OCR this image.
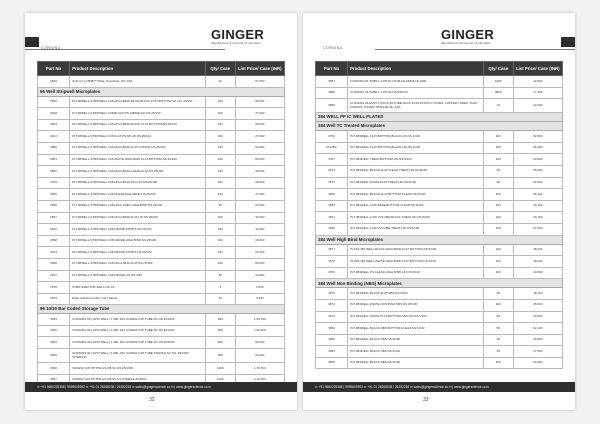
CORNING
GINGER
Manufacturer & Importer of Lab Ware
Part No	Product Description	Qty/ Case	List Price/ Case (INR)
3540	Sulfonyl w/ BNB™ Plate, Nonsterile, Pkt 1/10	10	57,000
96 Well Stripwell Microplates			
2592	PLT,96WELL,STRIPWELL,1X8,HIGH BIND,FB,NS,BLACK,FLAT-BOTTOM,W/ LID, 25/100	100	55,000
9018	PLT,96WELL,STRIPWELL,1X8,BLACK,PS,H/BIND,LID,NS,25/100	100	27,000
2593	PLT,96WELL,STRIPWELL,1X8,HIGH BIND,BLACK,FLAT-BOTTOM,NS,25/100	100	55,000
9014	PLT,96WELL,STRIPWELL,1X8,FLAT,PS,NT,LID,NS,25/100	100	27,000
2580	PLT,96WELL,STRIPWELL,1X8,HIGH BIND,FLAT,COSTAR,NS,25/100	100	53,000
2581	PLT,96WELL,STRIPWELL,1X8,WHITE,HIGH BIND,FLAT-BOTTOM,NS,25/100	100	55,000
2592	PLT,96WELL,STRIPWELL,1X8,HIGH BIND,CLEAR,FLAT,NS,25/100	100	28,000
9379	PLT,96WELL,STRIPWELL,1X8,HIGH BIND,PS,FLAT,NS,25/100	200	28,000
2595	PLT,96WELL,STRIPWELL,1X8,CLEAR,HIGH BIND,NS,25/100	100	27,000
2596	PLT,96WELL,STRIPWELL,1X8,HALF AREA,HIGH BIND,NS,25/100	50	63,000
2597	PLT,96WELL,STRIPWELL,1X8,HIGH BIND,FLAT,LID,NS,25/100	100	30,000
9102	PLT,96WELL,STRIPWELL,1X8,FRAME,STRIPS,NS,25/100	100	42,000
2598	PLT,96WELL,STRIPWELL,1X8,FRAME,HIGH BIND,NS,25/100	100	66,000
9013	PLT,96WELL,STRIPWELL,1X8,FRAME,STRIPS,NS,25/100	100	52,000
2598	PLT,96WELL,STRIPWELL,1X8,HIGH BIND,FLAT,NS,25/100	100	55,000
2572	PLT,96WELL,STRIPWELL,1X8,FRAME,LID,NS,1/50	50	20,000
2578	STRIP EJECTOR,WELL,NS,1/1	5	3,500
2579	Eight-well strip holder, Non Sterile	25	3,300
96 10/20 Bar Coded Storage Tube			
3533	CORNING 96 (10/70 WELL) 1.0ML,26C SCREW CAP,TUBE,SC,NS,25/1000	960	1,50,000
3532	CORNING 96 (10/70 WELL) 1.0ML,26C SCREW CAP,TUBE,SC,NS,25/1000	960	1,50,000
3534	CORNING 96 (10/70 WELL) 1.0ML,26C SCREW CAP,TUBE,SC,NS,25/1000	960	59,500
3535	CORNING 96 (10/70 WELL) 1.0ML,26C SCREW CAP,TUBE,STERILE,SC,NS, 25/1000 (STERILE)	960	64,200
3536	SCREW CAP PP,TPE,HS 6/8,SC,NS,25/1000	1000	1,79,700
3537	SCREW CAP PP,TPE,HS 6/8,SC,NS,STERILE,25/1000	1000	2,10,000
✆ +91 9650225388 | 9999605992 ✉ +91 01 26268038 / 26252238 ✉ sales@gingerscience.co.in | www.gingerscience.co.in
32
CORNING
GINGER
Manufacturer & Importer of Lab Ware
Part No	Product Description	Qty/ Case	List Price/ Case (INR)
3557	CORNING 96 TUBE 1.2 PP,SC,NS,BLUE,96/RACK,1000	1000	42,000
3558	CORNING 96 TUBE 1.4 PP,SC,NS,5/RACK	9600	77,400
3559	CORNING 96 EMPTY RACK 96/TUBE RACK,6X19 PP,WITH COVER, CAPPED TUBES, FLEX FORMAT, COVER,TB,NS,BLUE, 1/50	10	22,200
384 WELL PP IC WELL PLATES			
384 Well TC Treated Microplates			
3700	PLT,384WELL,FLAT-BOTTOM,BLACK,LID,NS,1/100	100	52,800
3712BC	PLT,384WELL,FLAT-BOTTOM,BLACK,LID,NS,1/100	100	66,000
3707	PLT,384WELL,TREAT,BOTTOM,LID,NS,5/100	100	60,600
3571	PLT,384WELL,BLACK,FLAT,CLEAR,TREAT,LID,NS,5/100	50	55,000
3570	PLT,384WELL,WHITE,FLAT,TREAT,LID,NS,5/100	50	62,000
3665	PLT,384WELL,BLACK,FLAT,BOTTOM,CLEAR,NS,5/100	100	65,100
3542	PLT,384WELL,LOW BASE,BOTTOM,CLEAR,NS,5/100	100	40,100
3541	PLT,384WELL,LOW VOLUME,BLACK,TREAT,LID,NS,5/100	100	40,100
3540	PLT,384WELL,LOW VOLUME,TREAT,LID,NS,5/100	100	57,500
384 Well High Bind Microplates			
3577	PLATE,384 WELL,BLACK,HIGH BIND,FLAT BOTTOM,NS,5/100	100	28,200
3578	PLATE,384 WELL,WHITE,HIGH BIND,FLAT BOTTOM,NS,5/100	100	28,200
3700	PLT,384WELL,PS,CLEAR,HIGH BIND,LID,NS,5/100	100	24,500
384 Well Non Binding (NBS) Microplates			
3575	PLT,384WELL,BLACK,FLAT,NBS,NS,5/100	50	38,100
3574	PLT,384WELL,WHITE,NON BIND,NBS,NS,25/100	100	35,600
3573	PLT,384WELL,WHITE,FLAT,BOTTOM,NBS,LID,NS,5/100	50	34,500
3654	PLT,384WELL,BLACK,NBS,BOTTOM,CLEAR,NS,5/100	50	62,100
3656	PLT,384WELL,BLACK,NBS,NS,5/100	50	40,000
3653	PLT,384WELL,BLACK,NBS,NS,5/100	50	47,500
3655	PLT,384WELL,BLACK,NBS,NS,5/100	100	64,900
✆ +91 9650225388 | 9999605992 ✉ +91 01 26268038 / 26252238 ✉ sales@gingerscience.co.in | www.gingerscience.co.in
33
